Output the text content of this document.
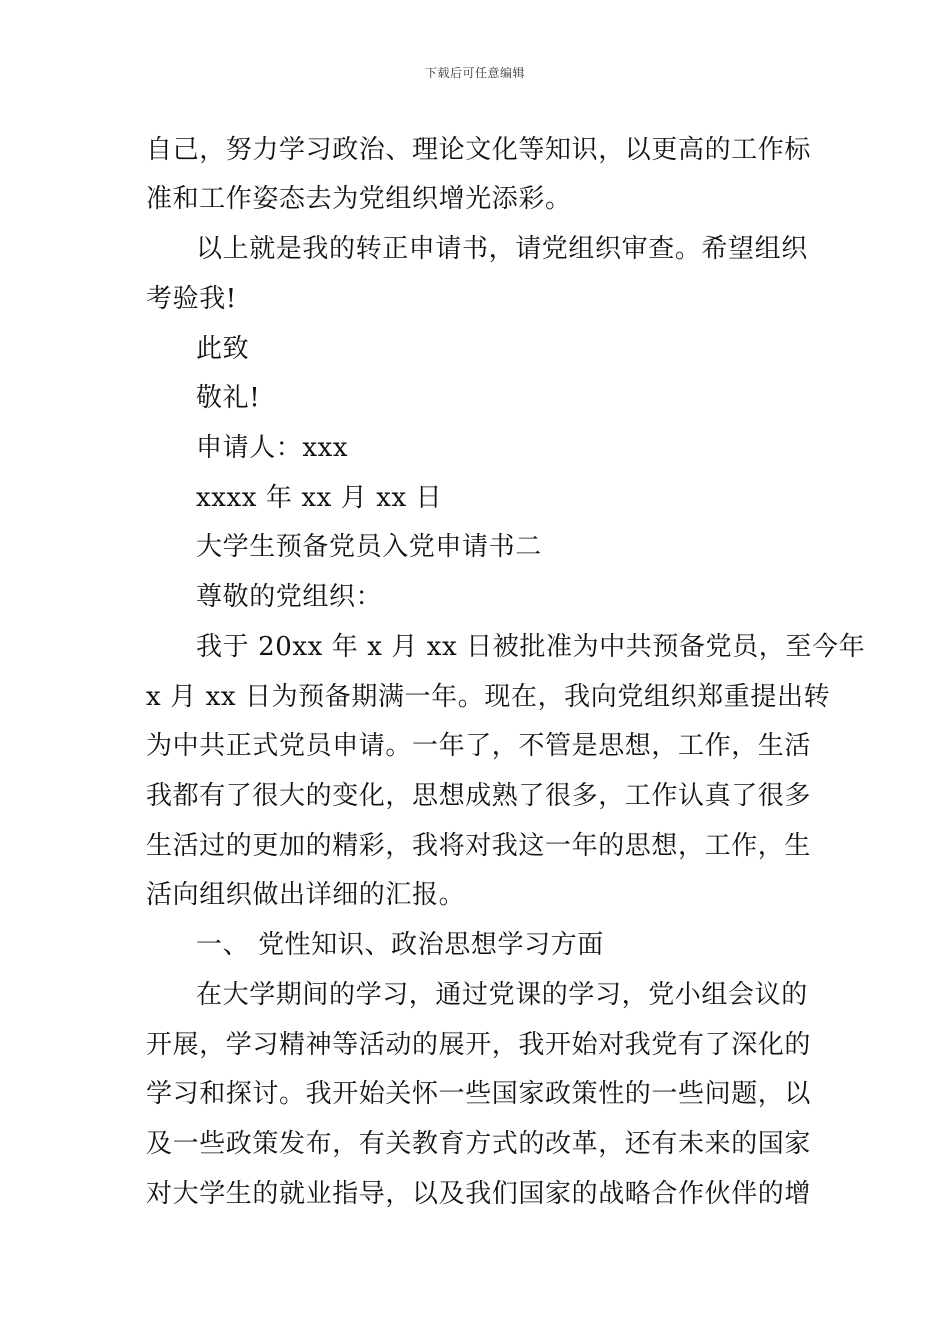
下载后可任意编辑
自己，努力学习政治、理论文化等知识，以更高的工作标
准和工作姿态去为党组织增光添彩。
以上就是我的转正申请书，请党组织审查。希望组织
考验我!
此致
敬礼!
申请人：xxx
xxxx 年 xx 月 xx 日
大学生预备党员入党申请书二
尊敬的党组织：
我于 20xx 年 x 月 xx 日被批准为中共预备党员，至今年
x 月 xx 日为预备期满一年。现在，我向党组织郑重提出转
为中共正式党员申请。一年了，不管是思想，工作，生活
我都有了很大的变化，思想成熟了很多，工作认真了很多
生活过的更加的精彩，我将对我这一年的思想，工作，生
活向组织做出详细的汇报。
一、 党性知识、政治思想学习方面
在大学期间的学习，通过党课的学习，党小组会议的
开展，学习精神等活动的展开，我开始对我党有了深化的
学习和探讨。我开始关怀一些国家政策性的一些问题，以
及一些政策发布，有关教育方式的改革，还有未来的国家
对大学生的就业指导，以及我们国家的战略合作伙伴的增
